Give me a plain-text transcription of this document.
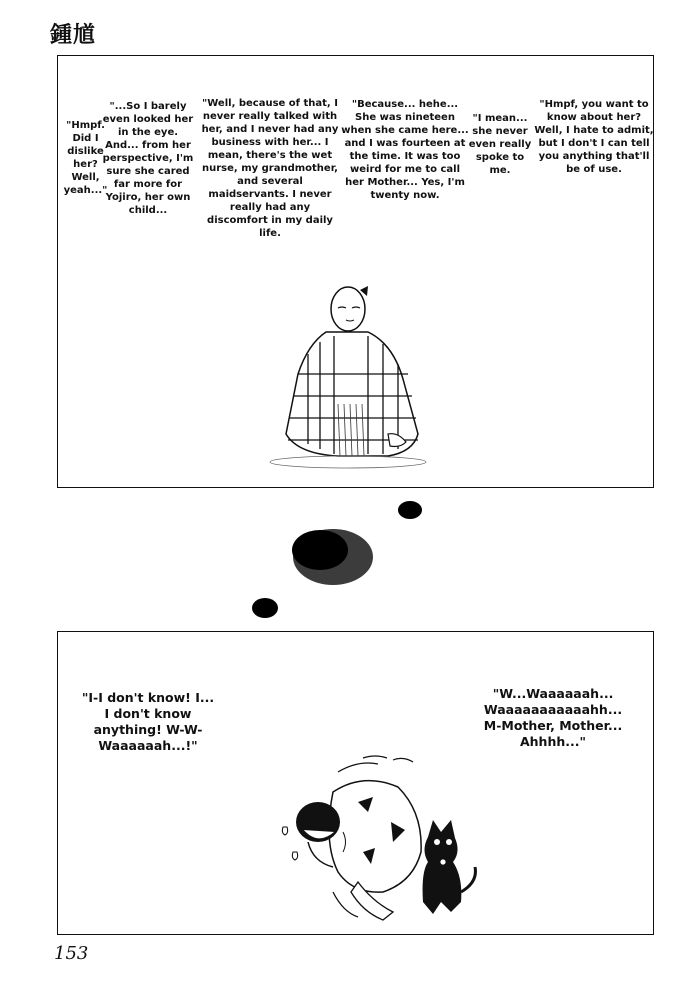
鍾馗
"Hmpf. Did I dislike her? Well, yeah..."
"...So I barely even looked her in the eye. And... from her perspective, I'm sure she cared far more for Yojiro, her own child...
"Well, because of that, I never really talked with her, and I never had any business with her... I mean, there's the wet nurse, my grandmother, and several maidservants. I never really had any discomfort in my daily life.
"Because... hehe... She was nineteen when she came here... and I was fourteen at the time. It was too weird for me to call her Mother... Yes, I'm twenty now.
"I mean... she never even really spoke to me.
"Hmpf, you want to know about her? Well, I hate to admit, but I don't I can tell you anything that'll be of use.
"I-I don't know! I... I don't know anything! W-W-Waaaaaah...!"
"W...Waaaaaah... Waaaaaaaaaaahh... M-Mother, Mother... Ahhhh..."
153
